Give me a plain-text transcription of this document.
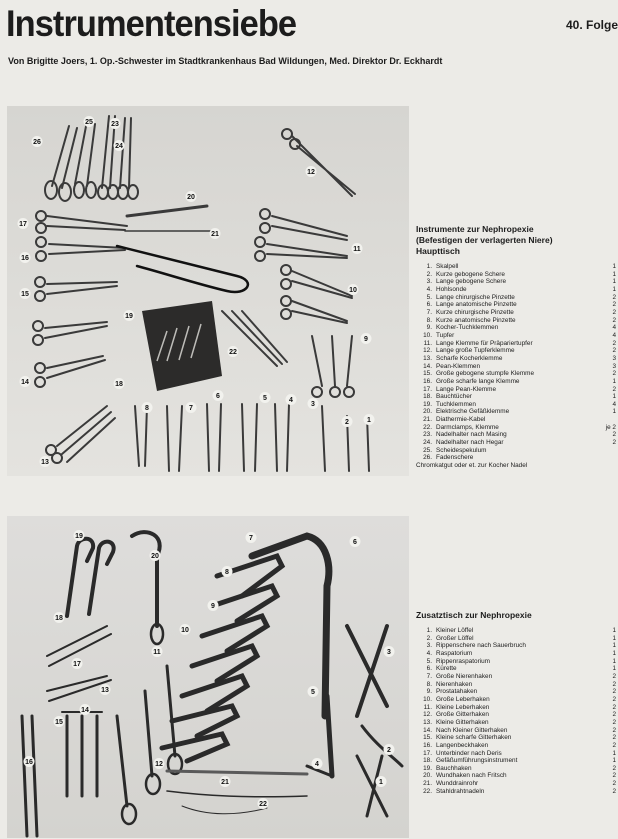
Instrumentensiebe	40. Folge
Von Brigitte Joers, 1. Op.-Schwester im Stadtkrankenhaus Bad Wildungen, Med. Direktor Dr. Eckhardt
1
2
3
4
5
6
7
8
9
10
11
12
13
14
15
16
17
18
19
20
21
22
23
24
25
26
1
2
3
4
5
6
7
8
9
10
11
12
13
14
15
16
17
18
19
20
21
22
Instrumente zur Nephropexie
(Befestigen der verlagerten Niere)
Haupttisch
1. Skalpell	1
2. Kurze gebogene Schere	1
3. Lange gebogene Schere	1
4. Hohlsonde	1
5. Lange chirurgische Pinzette	2
6. Lange anatomische Pinzette	2
7. Kurze chirurgische Pinzette	2
8. Kurze anatomische Pinzette	2
9. Kocher-Tuchklemmen	4
10. Tupfer	4
11. Lange Klemme für Präpariertupfer	2
12. Lange große Tupferklemme	2
13. Scharfe Kocherklemme	3
14. Pean-Klemmen	3
15. Große gebogene stumpfe Klemme	2
16. Große scharfe lange Klemme	1
17. Lange Pean-Klemme	2
18. Bauchtücher	1
19. Tuchklemmen	4
20. Elektrische Gefäßklemme	1
21. Diathermie-Kabel
22. Darmclamps, Klemme	je 2
23. Nadelhalter nach Masing	2
24. Nadelhalter nach Hegar	2
25. Scheidespekulum
26. Fadenschere
Chromkatgut oder et. zur Kocher Nadel
Zusatztisch zur Nephropexie
1. Kleiner Löffel	1
2. Großer Löffel	1
3. Rippenschere nach Sauerbruch	1
4. Raspatorium	1
5. Rippenraspatorium	1
6. Kürette	1
7. Große Nierenhaken	2
8. Nierenhaken	2
9. Prostatahaken	2
10. Große Leberhaken	2
11. Kleine Leberhaken	2
12. Große Gitterhaken	2
13. Kleine Gitterhaken	2
14. Nach Kleiner Gitterhaken	2
15. Kleine scharfe Gitterhaken	2
16. Langenbeckhaken	2
17. Unterbinder nach Deris	1
18. Gefäßumführungsinstrument	1
19. Bauchhaken	2
20. Wundhaken nach Fritsch	2
21. Wunddrainrohr	2
22. Stahldrahtnadeln	2
